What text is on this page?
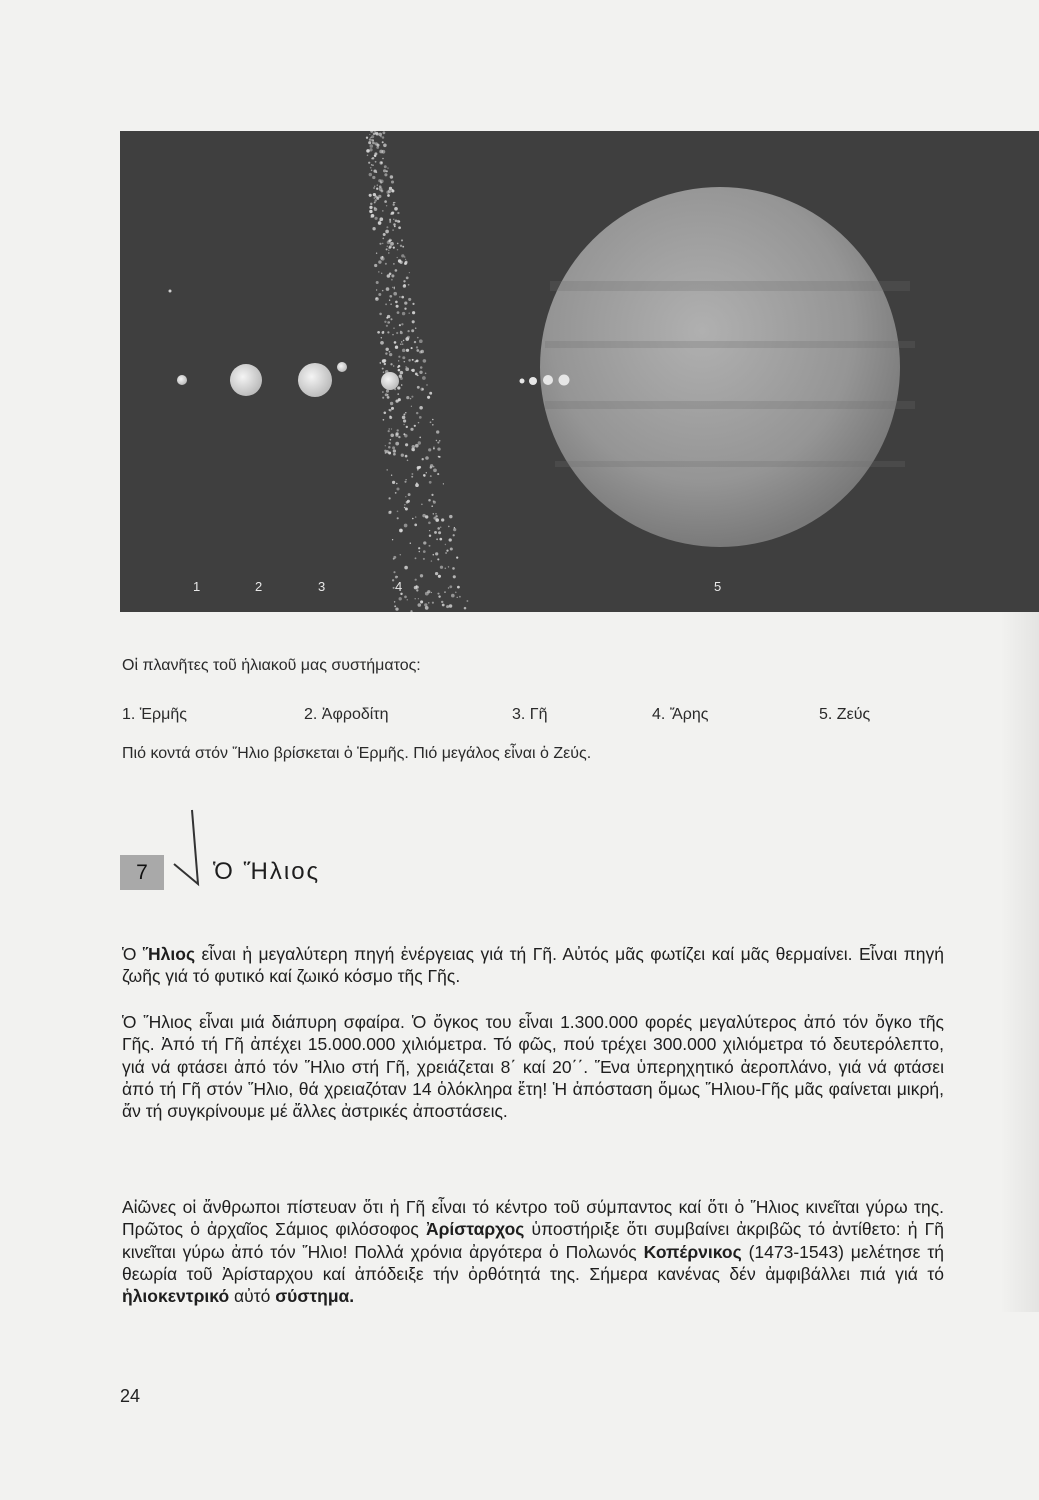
1	2	3	4	5
Οἱ πλανῆτες τοῦ ἡλιακοῦ μας συστήματος:
1. Ἑρμῆς	2. Ἀφροδίτη	3. Γῆ	4. Ἄρης	5. Ζεύς
Πιό κοντά στόν Ἥλιο βρίσκεται ὁ Ἑρμῆς. Πιό μεγάλος εἶναι ὁ Ζεύς.
7	Ὁ Ἥλιος

Ὁ Ἥλιος εἶναι ἡ μεγαλύτερη πηγή ἐνέργειας γιά τή Γῆ. Αὐτός μᾶς φωτίζει καί μᾶς θερμαίνει. Εἶναι πηγή ζωῆς γιά τό φυτικό καί ζωικό κόσμο τῆς Γῆς.

Ὁ Ἥλιος εἶναι μιά διάπυρη σφαίρα. Ὁ ὄγκος του εἶναι 1.300.000 φορές μεγαλύτερος ἀπό τόν ὄγκο τῆς Γῆς. Ἀπό τή Γῆ ἀπέχει 15.000.000 χιλιόμετρα. Τό φῶς, πού τρέχει 300.000 χιλιόμετρα τό δευτερόλεπτο, γιά νά φτάσει ἀπό τόν Ἥλιο στή Γῆ, χρειάζεται 8΄ καί 20΄΄. Ἕνα ὑπερηχητικό ἀεροπλάνο, γιά νά φτάσει ἀπό τή Γῆ στόν Ἥλιο, θά χρειαζόταν 14 ὁλόκληρα ἔτη! Ἡ ἀπόσταση ὅμως Ἥλιου-Γῆς μᾶς φαίνεται μικρή, ἄν τή συγκρίνουμε μέ ἄλλες ἀστρικές ἀποστάσεις.

Αἰῶνες οἱ ἄνθρωποι πίστευαν ὅτι ἡ Γῆ εἶναι τό κέντρο τοῦ σύμπαντος καί ὅτι ὁ Ἥλιος κινεῖται γύρω της. Πρῶτος ὁ ἀρχαῖος Σάμιος φιλόσοφος Ἀρίσταρχος ὑποστήριξε ὅτι συμβαίνει ἀκριβῶς τό ἀντίθετο: ἡ Γῆ κινεῖται γύρω ἀπό τόν Ἥλιο! Πολλά χρόνια ἀργότερα ὁ Πολωνός Κοπέρνικος (1473-1543) μελέτησε τή θεωρία τοῦ Ἀρίσταρχου καί ἀπόδειξε τήν ὀρθότητά της. Σήμερα κανένας δέν ἀμφιβάλλει πιά γιά τό ἡλιοκεντρικό αὐτό σύστημα.

24
